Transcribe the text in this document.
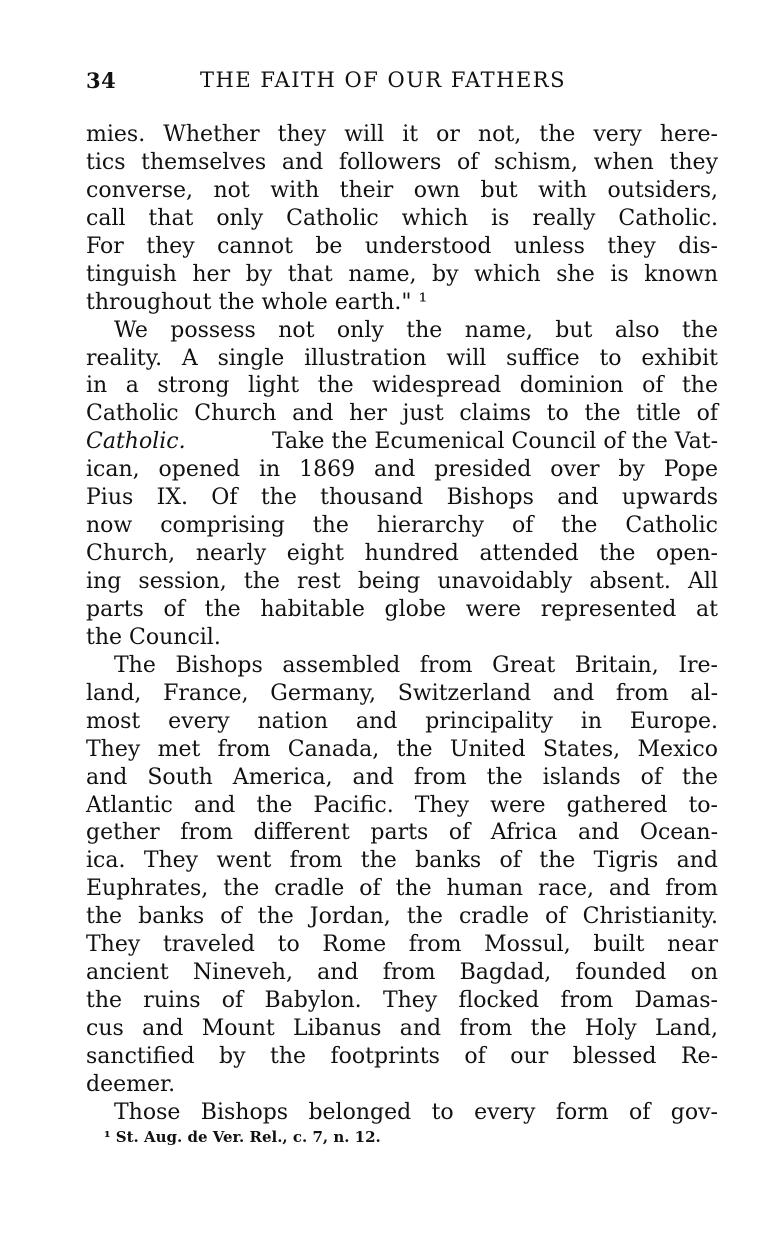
34	THE FAITH OF OUR FATHERS
mies. Whether they will it or not, the very here-
tics themselves and followers of schism, when they
converse, not with their own but with outsiders,
call that only Catholic which is really Catholic.
For they cannot be understood unless they dis-
tinguish her by that name, by which she is known
throughout the whole earth." ¹
We possess not only the name, but also the
reality. A single illustration will suffice to exhibit
in a strong light the widespread dominion of the
Catholic Church and her just claims to the title of
Catholic.	Take the Ecumenical Council of the Vat-
ican, opened in 1869 and presided over by Pope
Pius IX. Of the thousand Bishops and upwards
now comprising the hierarchy of the Catholic
Church, nearly eight hundred attended the open-
ing session, the rest being unavoidably absent. All
parts of the habitable globe were represented at
the Council.
The Bishops assembled from Great Britain, Ire-
land, France, Germany, Switzerland and from al-
most every nation and principality in Europe.
They met from Canada, the United States, Mexico
and South America, and from the islands of the
Atlantic and the Pacific. They were gathered to-
gether from different parts of Africa and Ocean-
ica. They went from the banks of the Tigris and
Euphrates, the cradle of the human race, and from
the banks of the Jordan, the cradle of Christianity.
They traveled to Rome from Mossul, built near
ancient Nineveh, and from Bagdad, founded on
the ruins of Babylon. They flocked from Damas-
cus and Mount Libanus and from the Holy Land,
sanctified by the footprints of our blessed Re-
deemer.
Those Bishops belonged to every form of gov-
¹ St. Aug. de Ver. Rel., c. 7, n. 12.
